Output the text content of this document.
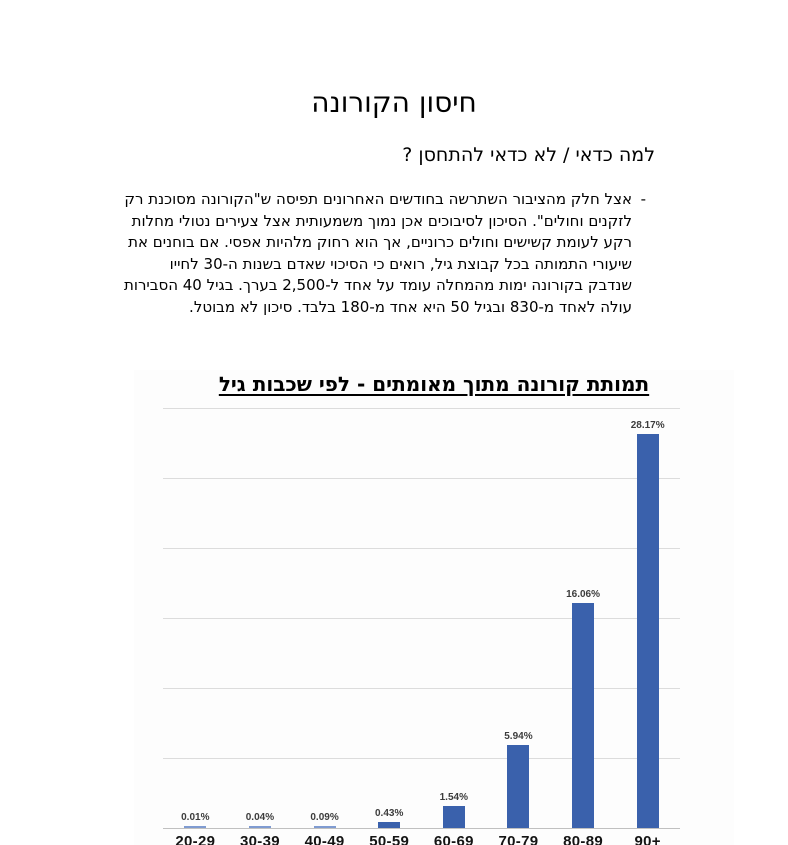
חיסון הקורונה
למה כדאי / לא כדאי להתחסן ?
-

אצל חלק מהציבור השתרשה בחודשים האחרונים תפיסה ש"הקורונה מסוכנת רק לזקנים וחולים". הסיכון לסיבוכים אכן נמוך משמעותית אצל צעירים נטולי מחלות רקע לעומת קשישים וחולים כרוניים, אך הוא רחוק מלהיות אפסי. אם בוחנים את שיעורי התמותה בכל קבוצת גיל, רואים כי הסיכוי שאדם בשנות ה-30 לחייו שנדבק בקורונה ימות מהמחלה עומד על אחד ל-2,500 בערך. בגיל 40 הסבירות עולה לאחד מ-830 ובגיל 50 היא אחד מ-180 בלבד. סיכון לא מבוטל.

תמותת קורונה מתוך מאומתים - לפי שכבות גיל
0.01%	0.04%	0.09%	0.43%
1.54%
5.94%
16.06%
28.17%
20-29	30-39	40-49	50-59	60-69	70-79	80-89	90+
